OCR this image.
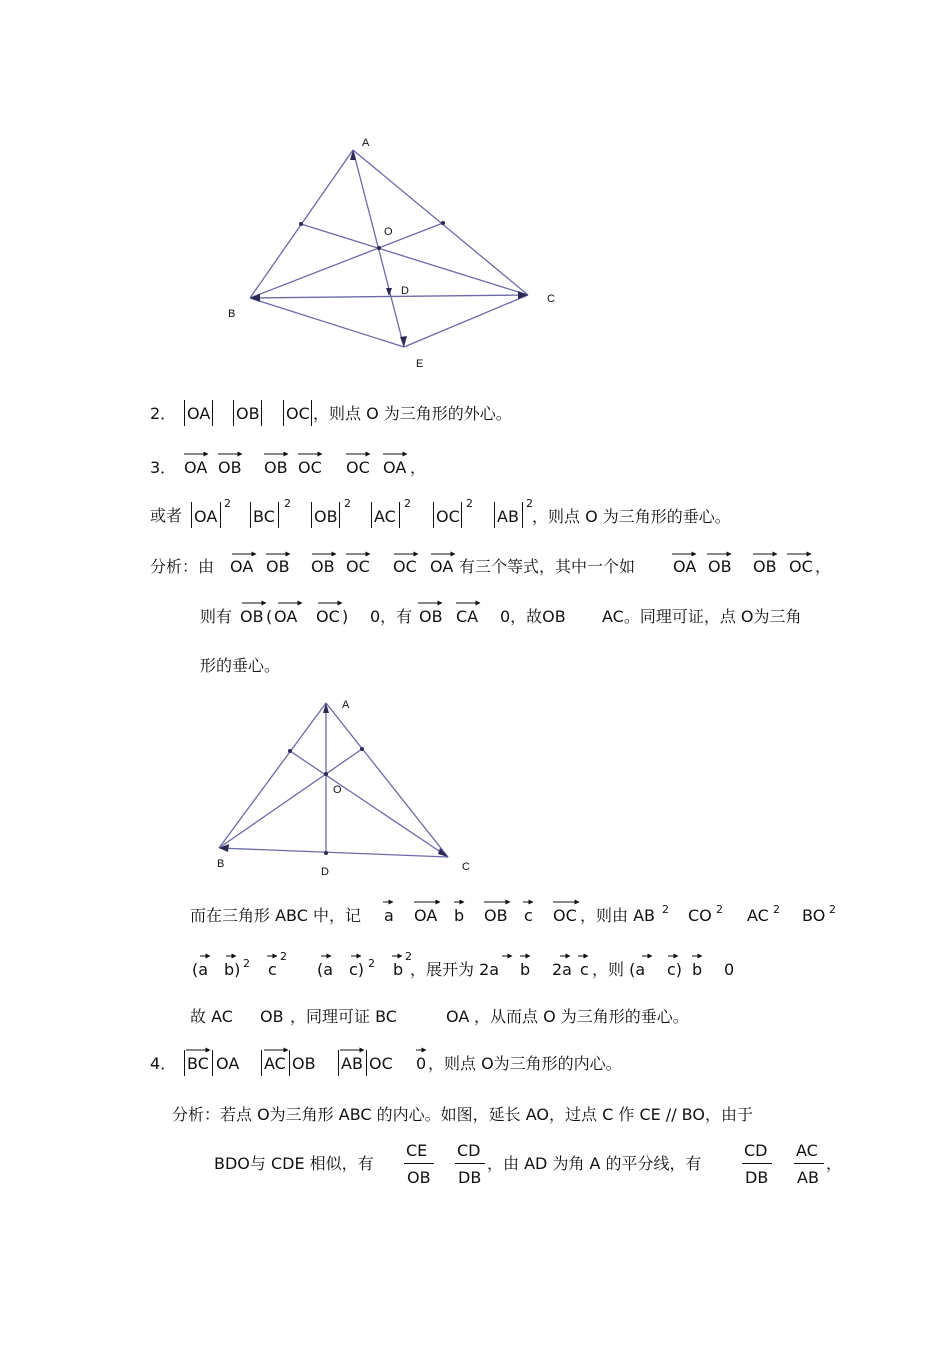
A
O
D
B
C
E
2． OA OB OC ，则点 O 为三角形的外心。
3． OA OB OB OC OC OA ，
或者 OA
2
BC
2
OB
2
AC
2
OC
2
AB
2
，则点 O 为三角形的垂心。
分析：由 OA OB OB OC OC OA 有三个等式，其中一个如 OA OB OB OC ，
则有 OB ( OA OC ) 0，有 OB CA 0，故OB AC。同理可证，点 O为三角
形的垂心。
A
O
B	C
D
而在三角形 ABC 中，记 a OA b OB c OC ，则由 AB 2 CO 2 AC 2 BO 2
(a b) 2 c
2
(a c) 2 b
2
，展开为 2a b 2a c ，则 (a c) b 0
故 AC OB ，同理可证 BC	OA ，从而点 O 为三角形的垂心。
4． BC OA AC OB AB OC 0 ，则点 O为三角形的内心。
分析：若点 O为三角形 ABC 的内心。如图，延长 AO，过点 C 作 CE // BO，由于
BDO与 CDE 相似，有
CE
OB
CD
DB
，由 AD 为角 A 的平分线，有
CD
DB
AC
AB
，
